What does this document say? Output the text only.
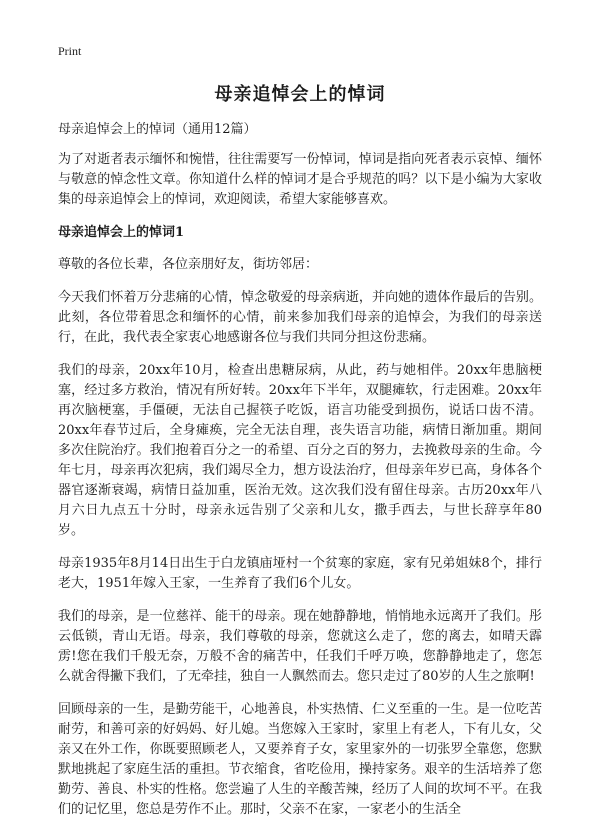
Print
母亲追悼会上的悼词

母亲追悼会上的悼词（通用12篇）

为了对逝者表示缅怀和惋惜，往往需要写一份悼词，悼词是指向死者表示哀悼、缅怀与敬意的悼念性文章。你知道什么样的悼词才是合乎规范的吗？以下是小编为大家收集的母亲追悼会上的悼词，欢迎阅读，希望大家能够喜欢。

母亲追悼会上的悼词1

尊敬的各位长辈，各位亲朋好友，街坊邻居：

今天我们怀着万分悲痛的心情，悼念敬爱的母亲病逝，并向她的遗体作最后的告别。此刻，各位带着思念和缅怀的心情，前来参加我们母亲的追悼会，为我们的母亲送行，在此，我代表全家衷心地感谢各位与我们共同分担这份悲痛。

我们的母亲，20xx年10月，检查出患糖尿病，从此，药与她相伴。20xx年患脑梗塞，经过多方救治，情况有所好转。20xx年下半年，双腿瘫软，行走困难。20xx年再次脑梗塞，手僵硬，无法自己握筷子吃饭，语言功能受到损伤，说话口齿不清。20xx年春节过后，全身瘫痪，完全无法自理，丧失语言功能，病情日渐加重。期间多次住院治疗。我们抱着百分之一的希望、百分之百的努力，去挽救母亲的生命。今年七月，母亲再次犯病，我们竭尽全力，想方设法治疗，但母亲年岁已高，身体各个器官逐渐衰竭，病情日益加重，医治无效。这次我们没有留住母亲。古历20xx年八月六日九点五十分时，母亲永远告别了父亲和儿女，撒手西去，与世长辞享年80岁。

母亲1935年8月14日出生于白龙镇庙垭村一个贫寒的家庭，家有兄弟姐妹8个，排行老大，1951年嫁入王家，一生养育了我们6个儿女。

我们的母亲，是一位慈祥、能干的母亲。现在她静静地，悄悄地永远离开了我们。彤云低锁，青山无语。母亲，我们尊敬的母亲，您就这么走了，您的离去，如晴天霹雳!您在我们千般无奈，万般不舍的痛苦中，任我们千呼万唤，您静静地走了，您怎么就舍得撇下我们，了无牵挂，独自一人飘然而去。您只走过了80岁的人生之旅啊!

回顾母亲的一生，是勤劳能干，心地善良，朴实热情、仁义至重的一生。是一位吃苦耐劳，和善可亲的好妈妈、好儿媳。当您嫁入王家时，家里上有老人，下有儿女，父亲又在外工作，你既要照顾老人，又要养育子女，家里家外的一切张罗全靠您，您默默地挑起了家庭生活的重担。节衣缩食，省吃俭用，操持家务。艰辛的生活培养了您勤劳、善良、朴实的性格。您尝遍了人生的辛酸苦辣，经历了人间的坎坷不平。在我们的记忆里，您总是劳作不止。那时，父亲不在家，一家老小的生活全
